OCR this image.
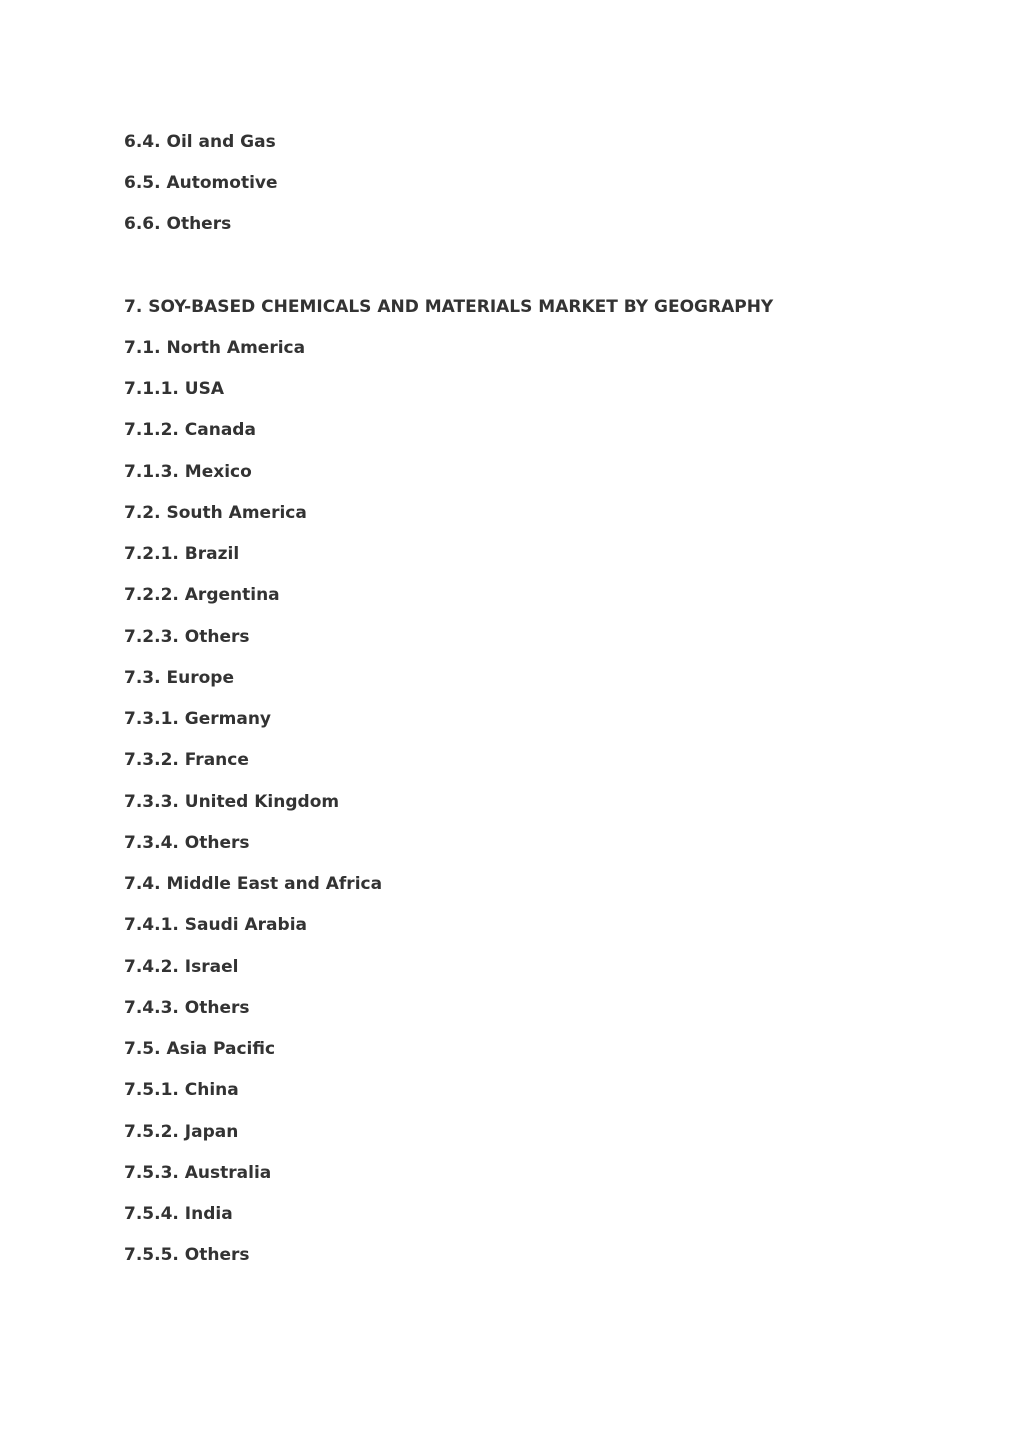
6.4. Oil and Gas

6.5. Automotive

6.6. Others

7. SOY-BASED CHEMICALS AND MATERIALS MARKET BY GEOGRAPHY

7.1. North America

7.1.1. USA

7.1.2. Canada

7.1.3. Mexico

7.2. South America

7.2.1. Brazil

7.2.2. Argentina

7.2.3. Others

7.3. Europe

7.3.1. Germany

7.3.2. France

7.3.3. United Kingdom

7.3.4. Others

7.4. Middle East and Africa

7.4.1. Saudi Arabia

7.4.2. Israel

7.4.3. Others

7.5. Asia Pacific

7.5.1. China

7.5.2. Japan

7.5.3. Australia

7.5.4. India

7.5.5. Others
